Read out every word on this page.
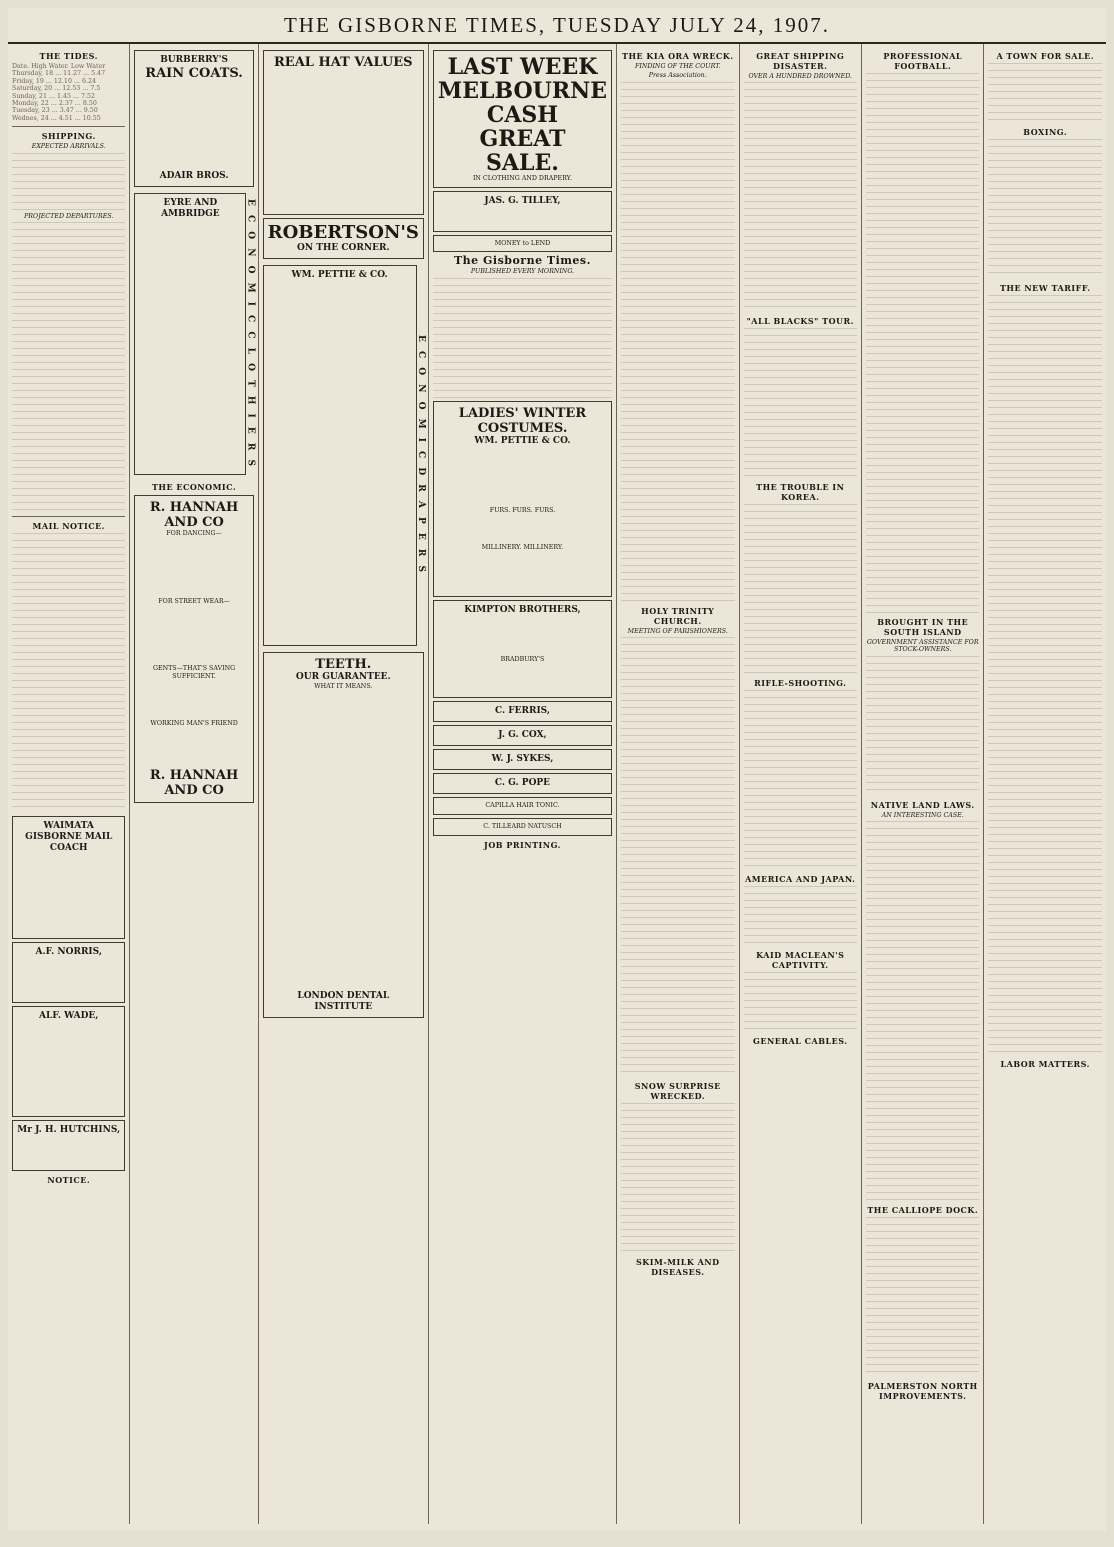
THE GISBORNE TIMES, TUESDAY JULY 24, 1907.
THE TIDES.
Date. High Water. Low Water
Thursday, 18 ... 11.27 ... 5.47
Friday, 19 ... 12.10 ... 6.24
Saturday, 20 ... 12.53 ... 7.5
Sunday, 21 ... 1.45 ... 7.52
Monday, 22 ... 2.37 ... 8.50
Tuesday, 23 ... 3.47 ... 9.50
Wednes, 24 ... 4.51 ... 10.55
SHIPPING.
EXPECTED ARRIVALS.
PROJECTED DEPARTURES.
MAIL NOTICE.
WAIMATA GISBORNE MAIL COACH
A.F. NORRIS,
ALF. WADE,
Mr J. H. HUTCHINS,
NOTICE.
BURBERRY'S
RAIN COATS.
ADAIR BROS.
EYRE AND AMBRIDGE	E C O N O M I C C L O T H I E R S
THE ECONOMIC.
R. HANNAH AND CO
FOR DANCING—
FOR STREET WEAR—
GENTS—THAT'S SAVING SUFFICIENT.
WORKING MAN'S FRIEND
R. HANNAH AND CO
REAL HAT VALUES
ROBERTSON'S
ON THE CORNER.
WM. PETTIE & CO.
E C O N O M I C D R A P E R S
TEETH.
OUR GUARANTEE.
WHAT IT MEANS.
LONDON DENTAL INSTITUTE
LAST WEEK
MELBOURNE
CASH
GREAT
SALE.
IN CLOTHING AND DRAPERY.
JAS. G. TILLEY,
MONEY to LEND
The Gisborne Times.
PUBLISHED EVERY MORNING.
LADIES' WINTER COSTUMES.
WM. PETTIE & CO.
FURS. FURS. FURS.
MILLINERY. MILLINERY.
KIMPTON BROTHERS,
BRADBURY'S
C. FERRIS,
J. G. COX,
W. J. SYKES,
C. G. POPE
CAPILLA HAIR TONIC.
C. TILLEARD NATUSCH
JOB PRINTING.
THE KIA ORA WRECK.
FINDING OF THE COURT.
Press Association.
HOLY TRINITY CHURCH.
MEETING OF PARISHIONERS.
SNOW SURPRISE WRECKED.
SKIM-MILK AND DISEASES.
GREAT SHIPPING DISASTER.
OVER A HUNDRED DROWNED.
"ALL BLACKS" TOUR.
THE TROUBLE IN KOREA.
RIFLE-SHOOTING.
AMERICA AND JAPAN.
KAID MACLEAN'S CAPTIVITY.
GENERAL CABLES.
PROFESSIONAL FOOTBALL.
BROUGHT IN THE SOUTH ISLAND
GOVERNMENT ASSISTANCE FOR STOCK-OWNERS.
NATIVE LAND LAWS.
AN INTERESTING CASE.
THE CALLIOPE DOCK.
PALMERSTON NORTH IMPROVEMENTS.
A TOWN FOR SALE.
BOXING.
THE NEW TARIFF.
LABOR MATTERS.
